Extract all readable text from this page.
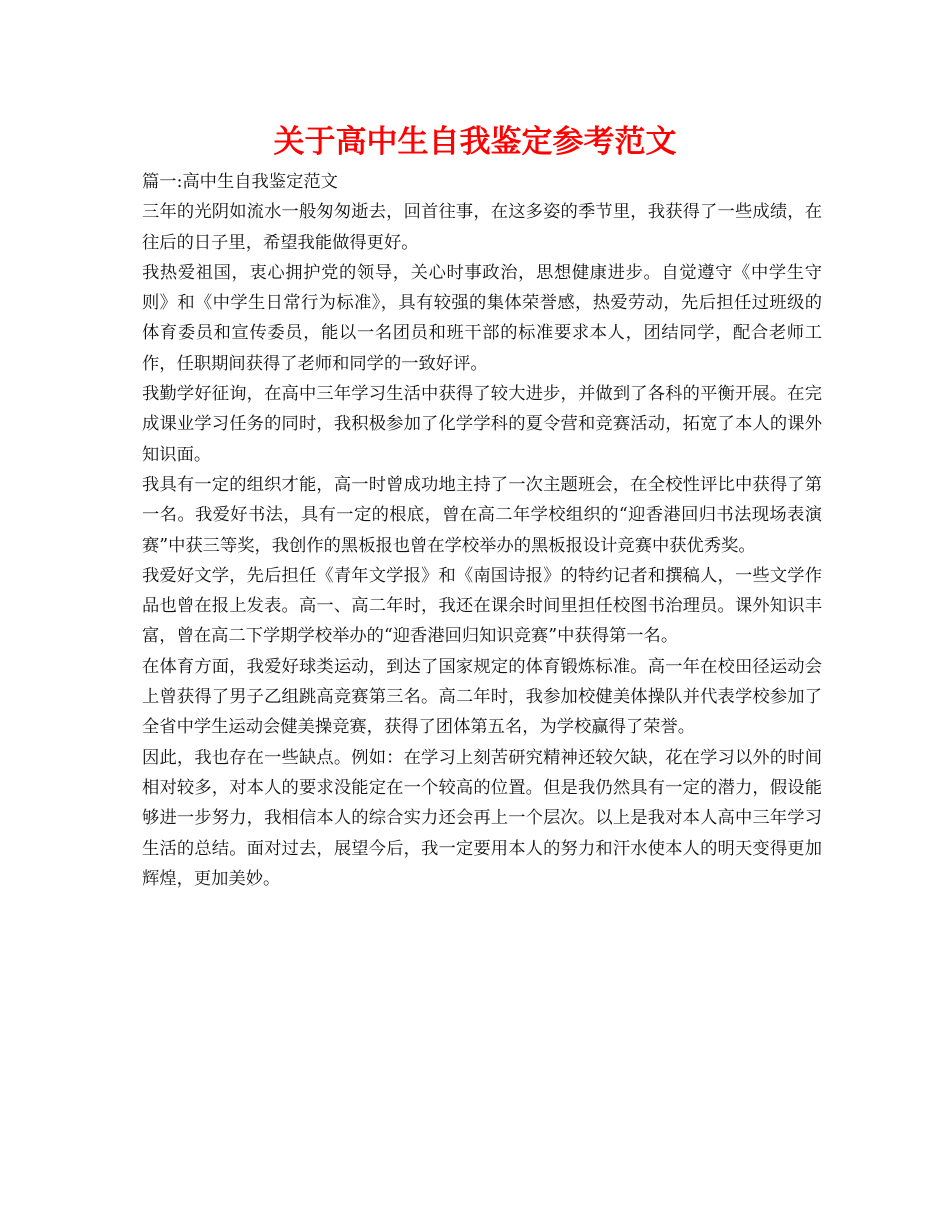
关于高中生自我鉴定参考范文

篇一:高中生自我鉴定范文

三年的光阴如流水一般匆匆逝去，回首往事，在这多姿的季节里，我获得了一些成绩，在往后的日子里，希望我能做得更好。

我热爱祖国，衷心拥护党的领导，关心时事政治，思想健康进步。自觉遵守《中学生守则》和《中学生日常行为标准》，具有较强的集体荣誉感，热爱劳动，先后担任过班级的体育委员和宣传委员，能以一名团员和班干部的标准要求本人，团结同学，配合老师工作，任职期间获得了老师和同学的一致好评。

我勤学好征询，在高中三年学习生活中获得了较大进步，并做到了各科的平衡开展。在完成课业学习任务的同时，我积极参加了化学学科的夏令营和竞赛活动，拓宽了本人的课外知识面。

我具有一定的组织才能，高一时曾成功地主持了一次主题班会，在全校性评比中获得了第一名。我爱好书法，具有一定的根底，曾在高二年学校组织的“迎香港回归书法现场表演赛”中获三等奖，我创作的黑板报也曾在学校举办的黑板报设计竞赛中获优秀奖。

我爱好文学，先后担任《青年文学报》和《南国诗报》的特约记者和撰稿人，一些文学作品也曾在报上发表。高一、高二年时，我还在课余时间里担任校图书治理员。课外知识丰富，曾在高二下学期学校举办的“迎香港回归知识竞赛”中获得第一名。

在体育方面，我爱好球类运动，到达了国家规定的体育锻炼标准。高一年在校田径运动会上曾获得了男子乙组跳高竞赛第三名。高二年时，我参加校健美体操队并代表学校参加了全省中学生运动会健美操竞赛，获得了团体第五名，为学校赢得了荣誉。

因此，我也存在一些缺点。例如：在学习上刻苦研究精神还较欠缺，花在学习以外的时间相对较多，对本人的要求没能定在一个较高的位置。但是我仍然具有一定的潜力，假设能够进一步努力，我相信本人的综合实力还会再上一个层次。以上是我对本人高中三年学习生活的总结。面对过去，展望今后，我一定要用本人的努力和汗水使本人的明天变得更加辉煌，更加美妙。
